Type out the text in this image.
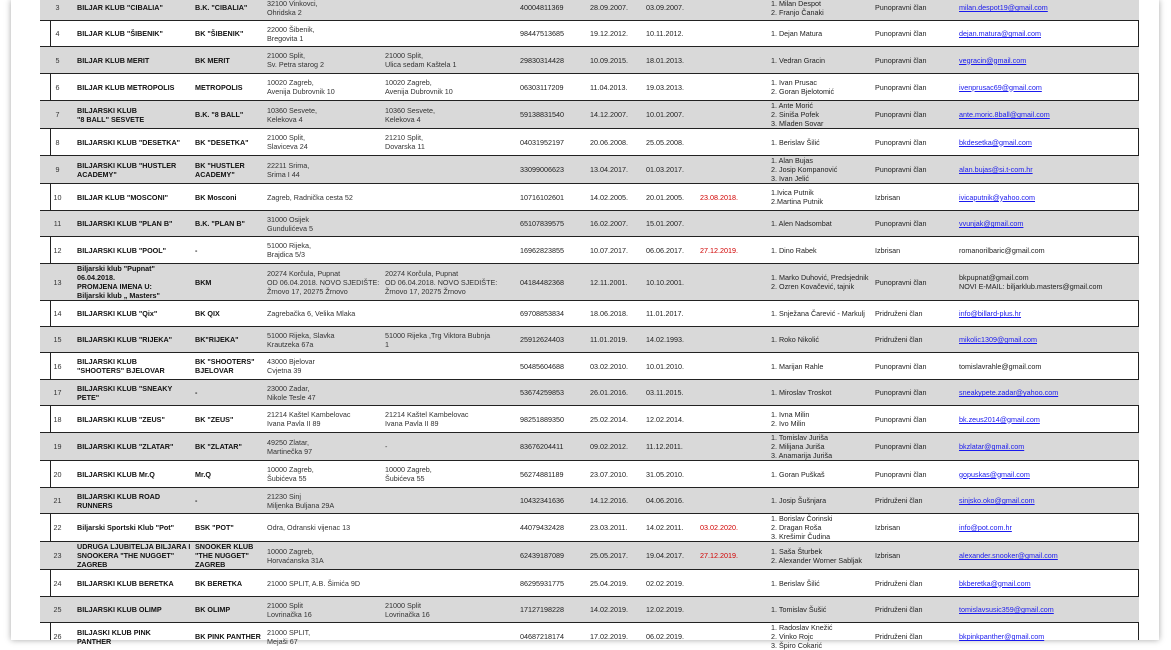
3	BILJAR KLUB "CIBALIA"	B.K. "CIBALIA"	32100 Vinkovci,
Ohridska 2		40004811369	28.09.2007.	03.09.2007.		1. Milan Despot
2. Franjo Čanaki	Punopravni član	milan.despot19@gmail.com
4	BILJAR KLUB "ŠIBENIK"	BK "ŠIBENIK"	22000 Šibenik,
Bregovita 1		98447513685	19.12.2012.	10.11.2012.		1. Dejan Matura	Punopravni član	dejan.matura@gmail.com
5	BILJAR KLUB MERIT	BK MERIT	21000 Split,
Sv. Petra starog 2	21000 Split,
Ulica sedam Kaštela 1	29830314428	10.09.2015.	18.01.2013.		1. Vedran Gracin	Punopravni član	vegracin@gmail.com
6	BILJAR KLUB METROPOLIS	METROPOLIS	10020 Zagreb,
Avenija Dubrovnik 10	10020 Zagreb,
Avenija Dubrovnik 10	06303117209	11.04.2013.	19.03.2013.		1. Ivan Prusac
2. Goran Bjelotomić	Punopravni član	ivenprusac69@gmail.com
7	BILJARSKI KLUB
"8 BALL" SESVETE	B.K. "8 BALL"	10360 Sesvete,
Kelekova 4	10360 Sesvete,
Kelekova 4	59138831540	14.12.2007.	10.01.2007.		1. Ante Morić
2. Siniša Pofek
3. Mladen Sovar	Punopravni član	ante.moric.8ball@gmail.com
8	BILJARSKI KLUB "DESETKA"	BK "DESETKA"	21000 Split,
Slaviceva 24	21210 Split,
Dovarska 11	04031952197	20.06.2008.	25.05.2008.		1. Berislav Šilić	Punopravni član	bkdesetka@gmail.com
9	BILJARSKI KLUB "HUSTLER
ACADEMY"	BK "HUSTLER
ACADEMY"	22211 Srima,
Srima I 44		33099006623	13.04.2017.	01.03.2017.		1. Alan Bujas
2. Josip Kompanović
3. Ivan Jelić	Punopravni član	alan.bujas@si.t-com.hr
10	BILJAR KLUB "MOSCONI"	BK Mosconi	Zagreb, Radnička cesta 52		10716102601	14.02.2005.	20.01.2005.	23.08.2018.	1.Ivica Putnik
2.Martina Putnik	Izbrisan	ivicaputnik@yahoo.com
11	BILJARSKI KLUB "PLAN B"	B.K. "PLAN B"	31000 Osijek
Gundulićeva 5		65107839575	16.02.2007.	15.01.2007.		1. Alen Nadsombat	Punopravni član	vvunjak@gmail.com
12	BILJARSKI KLUB "POOL"	-	51000 Rijeka,
Brajdica 5/3		16962823855	10.07.2017.	06.06.2017.	27.12.2019.	1. Dino Rabek	Izbrisan	romanorilbaric@gmail.com
13	Biljarski klub "Pupnat" 06.04.2018.
PROMJENA IMENA U:
Biljarski klub „ Masters"	BKM	20274 Korčula, Pupnat
OD 06.04.2018. NOVO SJEDIŠTE:
Žrnovo 17, 20275 Žrnovo	20274 Korčula, Pupnat
OD 06.04.2018. NOVO SJEDIŠTE:
Žrnovo 17, 20275 Žrnovo	04184482368	12.11.2001.	10.10.2001.		1. Marko Duhović, Predsjednik
2. Ozren Kovačević, tajnik	Punopravni član	bkpupnat@gmail.com
NOVI E-MAIL: biljarklub.masters@gmail.com
14	BILJARSKI KLUB "Qix"	BK QIX	Zagrebačka 6, Velika Mlaka		69708853834	18.06.2018.	11.01.2017.		1. Snježana Čarević - Markulj	Pridruženi član	info@billard-plus.hr
15	BILJARSKI KLUB "RIJEKA"	BK"RIJEKA"	51000 Rijeka, Slavka
Krautzeka 67a	51000 Rijeka ,Trg Viktora Bubnja
1	25912624403	11.01.2019.	14.02.1993.		1. Roko Nikolić	Pridruženi član	mikolic1309@gmail.com
16	BILJARSKI KLUB
"SHOOTERS" BJELOVAR	BK "SHOOTERS"
BJELOVAR	43000 Bjelovar
Cvjetna 39		50485604688	03.02.2010.	10.01.2010.		1. Marijan Rahle	Punopravni član	tomislavrahle@gmail.com
17	BILJARSKI KLUB "SNEAKY
PETE"	-	23000 Zadar,
Nikole Tesle 47		53674259853	26.01.2016.	03.11.2015.		1. Miroslav Troskot	Punopravni član	sneakypete.zadar@yahoo.com
18	BILJARSKI KLUB "ZEUS"	BK "ZEUS"	21214 Kaštel Kambelovac
Ivana Pavla II 89	21214 Kaštel Kambelovac
Ivana Pavla II 89	98251889350	25.02.2014.	12.02.2014.		1. Ivna Milin
2. Ivo Milin	Punopravni član	bk.zeus2014@gmail.com
19	BILJARSKI KLUB "ZLATAR"	BK "ZLATAR"	49250 Zlatar,
Martinečka 97	-	83676204411	09.02.2012.	11.12.2011.		1. Tomislav Juriša
2. Milijana Juriša
3. Anamarija Juriša	Punopravni član	bkzlatar@gmail.com
20	BILJARSKI KLUB Mr.Q	Mr.Q	10000 Zagreb,
Šubićeva 55	10000 Zagreb,
Šubićeva 55	56274881189	23.07.2010.	31.05.2010.		1. Goran Puškaš	Punopravni član	gopuskas@gmail.com
21	BILJARSKI KLUB ROAD
RUNNERS	-	21230 Sinj
Miljenka Buljana 29A		10432341636	14.12.2016.	04.06.2016.		1. Josip Šušnjara	Pridruženi član	sinjsko.oko@gmail.com
22	Biljarski Sportski Klub "Pot"	BSK "POT"	Odra, Odranski vijenac 13		44079432428	23.03.2011.	14.02.2011.	03.02.2020.	1. Borislav Čorinski
2. Dragan Roša
3. Krešimir Čudina	Izbrisan	info@pot.com.hr
23	UDRUGA LJUBITELJA BILJARA I
SNOOKERA "THE NUGGET"
ZAGREB	SNOOKER KLUB
"THE NUGGET"
ZAGREB	10000 Zagreb,
Horvaćanska 31A		62439187089	25.05.2017.	19.04.2017.	27.12.2019.	1. Saša Šturbek
2. Alexander Worner Sabljak	Izbrisan	alexander.snooker@gmail.com
24	BILJARSKI KLUB BERETKA	BK BERETKA	21000 SPLIT, A.B. Šimića 9D		86295931775	25.04.2019.	02.02.2019.		1. Berislav Šilić	Pridruženi član	bkberetka@gmail.com
25	BILJARSKI KLUB OLIMP	BK OLIMP	21000 Split
Lovrinačka 16	21000 Split
Lovrinačka 16	17127198228	14.02.2019.	12.02.2019.		1. Tomislav Šušić	Pridruženi član	tomislavsusic359@gmail.com
26	BILJASKI KLUB PINK
PANTHER	BK PINK PANTHER	21000 SPLIT,
Mejaši 67		04687218174	17.02.2019.	06.02.2019.		1. Radoslav Knežić
2. Vinko Rojc
3. Špiro Cokarić	Pridruženi član	bkpinkpanther@gmail.com
